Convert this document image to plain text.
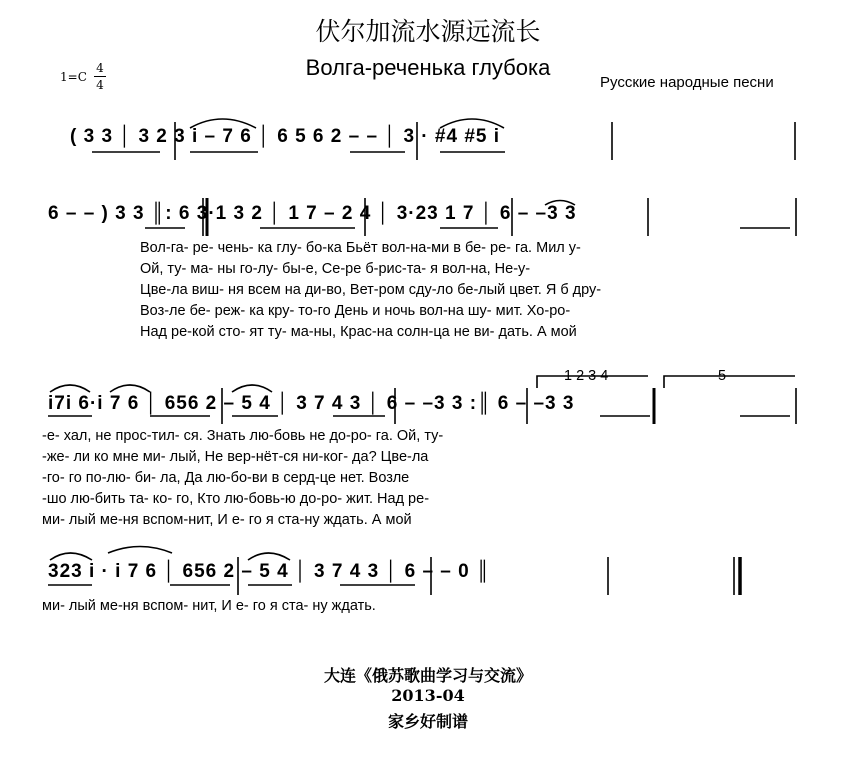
伏尔加流水源远流长
Волга-реченька глубока
1=C
4
4	Русские народные песни
( 3 3 │ 3 2 3 i – 7 6 │ 6 5 6 2 – – │ 3 · #4 #5 i
6 – – ) 3 3 ║: 6 3·1 3 2 │ 1 7 – 2 4 │ 3·23 1 7 │ 6 – –3 3
Вол-га- ре- чень- ка глу- бо-ка Бьёт вол-на-ми в бе- ре- га. Мил у-
Ой, ту- ма- ны го-лу- бы-е, Се-ре б-рис-та- я вол-на, Не-у-
Цве-ла виш- ня всем на ди-во, Вет-ром сду-ло бе-лый цвет. Я б дру-
Воз-ле бе- реж- ка кру- то-го День и ночь вол-на шу- мит. Хо-ро-
Над ре-кой сто- ят ту- ма-ны, Крас-на солн-ца не ви- дать. А мой
1 2 3 4	5
i7i 6·i 7 6 │ 656 2 – 5 4 │ 3 7 4 3 │ 6 – –3 3 :║ 6 – –3 3
-е- хал, не прос-тил- ся. Знать лю-бовь не до-ро- га. Ой, ту-
-же- ли ко мне ми- лый, Не вер-нёт-ся ни-ког- да? Цве-ла
-го- го по-лю- би- ла, Да лю-бо-ви в серд-це нет. Возле
-шо лю-бить та- ко- го, Кто лю-бовь-ю до-ро- жит. Над ре-
ми- лый ме-ня вспом-нит, И е- го я ста-ну ждать. А мой
323 i · i 7 6 │ 656 2 – 5 4 │ 3 7 4 3 │ 6 – – 0 ║
ми- лый ме-ня вспом- нит, И е- го я ста- ну ждать.
大连《俄苏歌曲学习与交流》
2013-04
家乡好制谱
